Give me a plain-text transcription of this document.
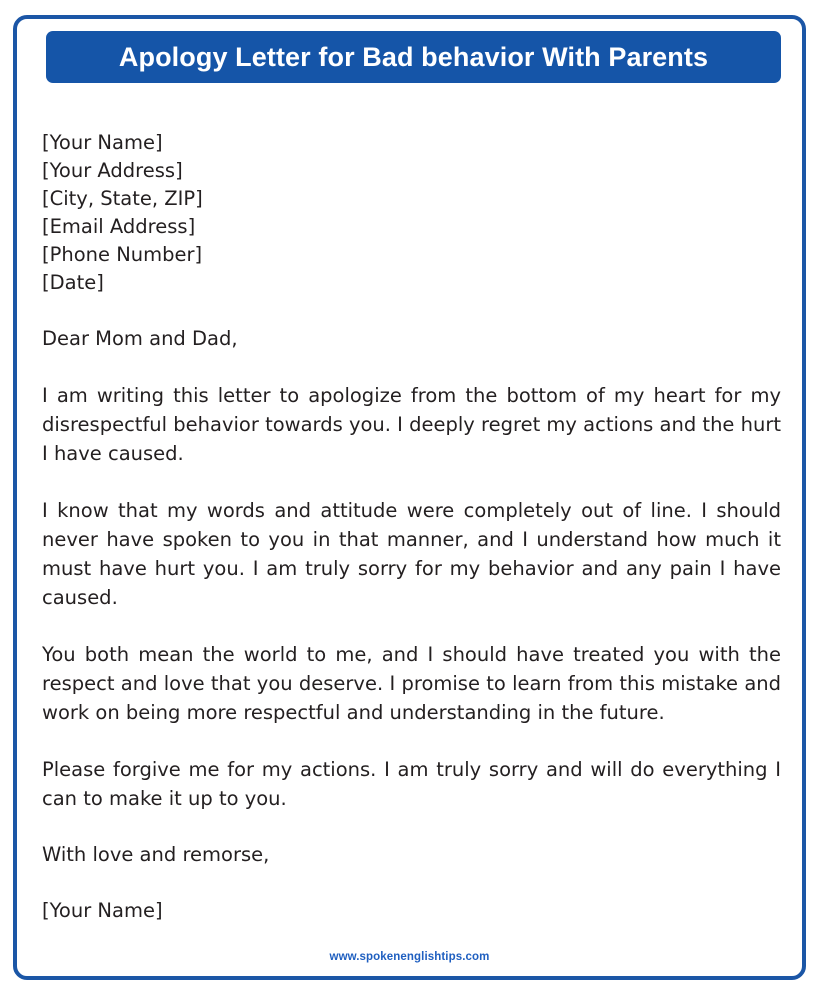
Apology Letter for Bad behavior With Parents
[Your Name]
[Your Address]
[City, State, ZIP]
[Email Address]
[Phone Number]
[Date]
Dear Mom and Dad,

I am writing this letter to apologize from the bottom of my heart for my disrespectful behavior towards you. I deeply regret my actions and the hurt I have caused.

I know that my words and attitude were completely out of line. I should never have spoken to you in that manner, and I understand how much it must have hurt you. I am truly sorry for my behavior and any pain I have caused.

You both mean the world to me, and I should have treated you with the respect and love that you deserve. I promise to learn from this mistake and work on being more respectful and understanding in the future.

Please forgive me for my actions. I am truly sorry and will do everything I can to make it up to you.

With love and remorse,
[Your Name]
www.spokenenglishtips.com
